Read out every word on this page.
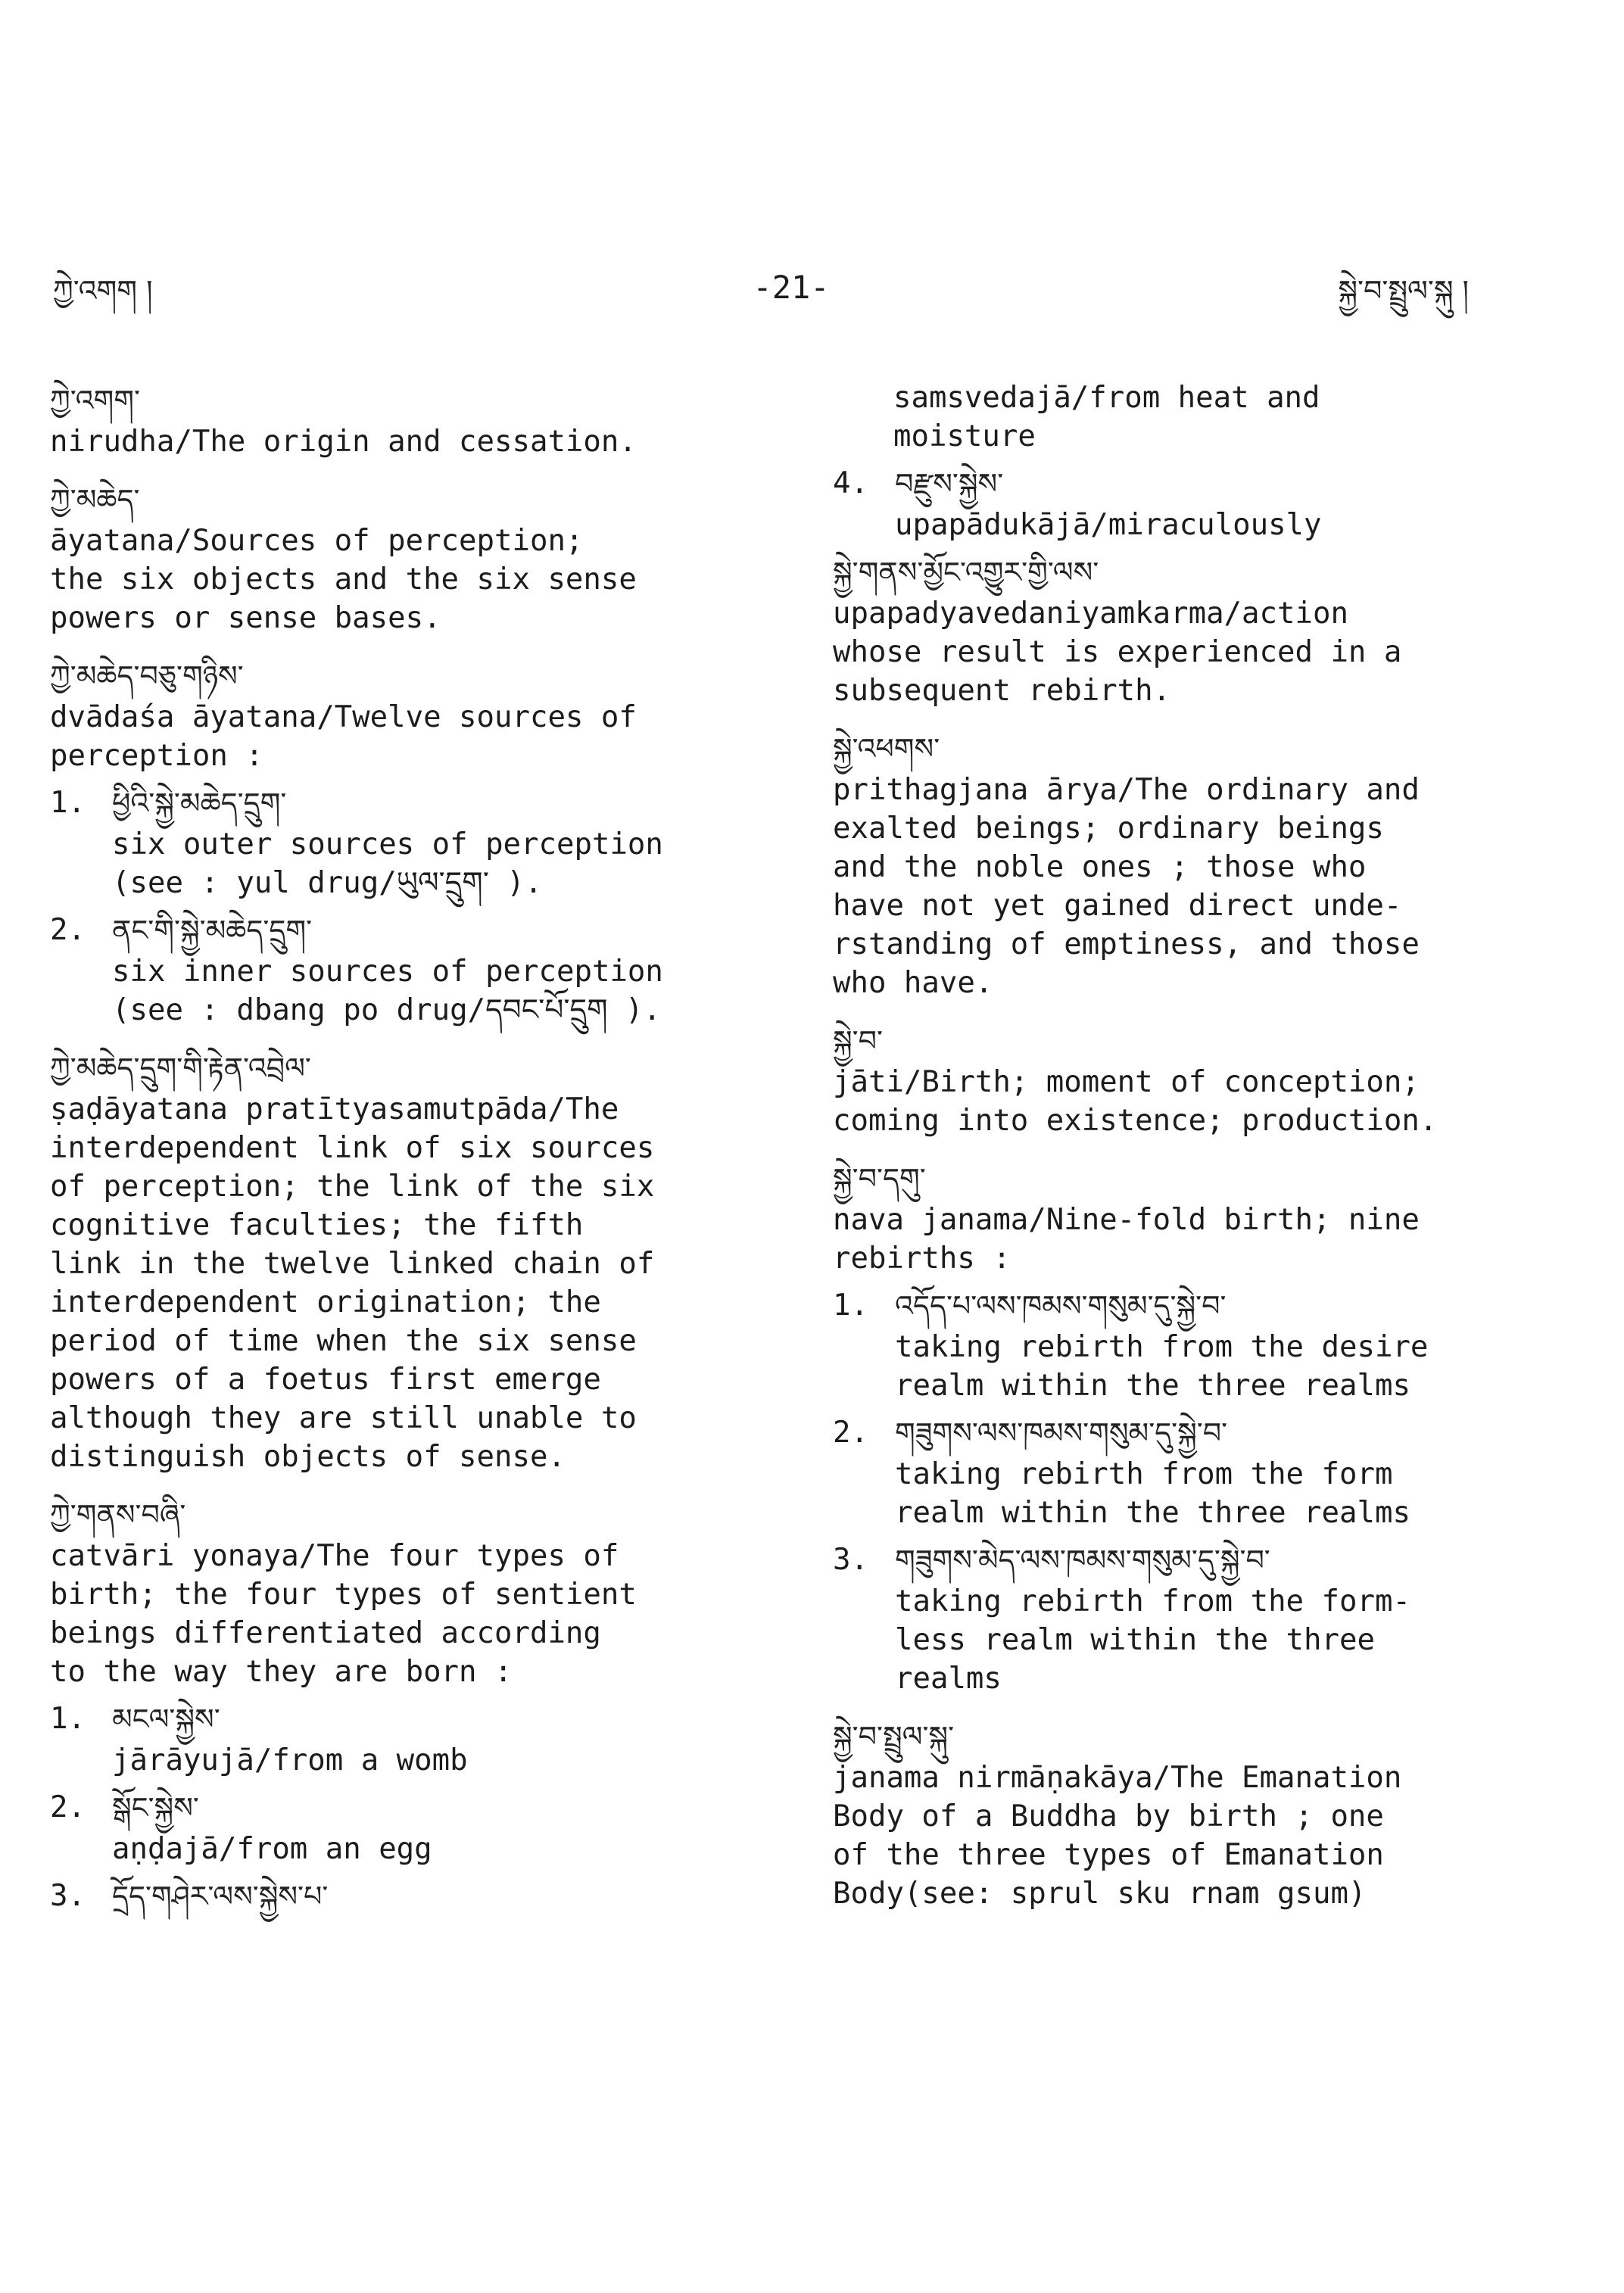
ཀྱེ་འགག །	-21-	སྐྱེ་བ་སྤྲུལ་སྐུ །
ཀྱེ་འགག་
nirudha/The origin and cessation.
ཀྱེ་མཆེད་
āyatana/Sources of perception;
the six objects and the six sense
powers or sense bases.
ཀྱེ་མཆེད་བཅུ་གཉིས་
dvādaśa āyatana/Twelve sources of
perception :
1. ཕྱིའི་སྐྱེ་མཆེད་དྲུག་
six outer sources of perception
(see : yul drug/ཡུལ་དྲུག་ ).
2. ནང་གི་སྐྱེ་མཆེད་དྲུག་
six inner sources of perception
(see : dbang po drug/དབང་པོ་དྲུག ).
ཀྱེ་མཆེད་དྲུག་གི་རྟེན་འབྲེལ་
ṣaḍāyatana pratītyasamutpāda/The
interdependent link of six sources
of perception; the link of the six
cognitive faculties; the fifth
link in the twelve linked chain of
interdependent origination; the
period of time when the six sense
powers of a foetus first emerge
although they are still unable to
distinguish objects of sense.
ཀྱེ་གནས་བཞི་
catvāri yonaya/The four types of
birth; the four types of sentient
beings differentiated according
to the way they are born :
1. མངལ་སྐྱེས་
jārāyujā/from a womb
2. སྒོང་སྐྱེས་
aṇḍajā/from an egg
3. དྲོད་གཤེར་ལས་སྐྱེས་པ་
samsvedajā/from heat and
moisture
4. བརྫུས་སྐྱེས་
upapādukājā/miraculously
སྐྱེ་གནས་མྱོང་འགྱུར་གྱི་ལས་
upapadyavedaniyamkarma/action
whose result is experienced in a
subsequent rebirth.
སྐྱེ་འཕགས་
prithagjana ārya/The ordinary and
exalted beings; ordinary beings
and the noble ones ; those who
have not yet gained direct unde-
rstanding of emptiness, and those
who have.
སྐྱེ་བ་
jāti/Birth; moment of conception;
coming into existence; production.
སྐྱེ་བ་དགུ་
nava janama/Nine-fold birth; nine
rebirths :
1. འདོད་པ་ལས་ཁམས་གསུམ་དུ་སྐྱེ་བ་
taking rebirth from the desire
realm within the three realms
2. གཟུགས་ལས་ཁམས་གསུམ་དུ་སྐྱེ་བ་
taking rebirth from the form
realm within the three realms
3. གཟུགས་མེད་ལས་ཁམས་གསུམ་དུ་སྐྱེ་བ་
taking rebirth from the form-
less realm within the three
realms
སྐྱེ་བ་སྤྲུལ་སྐུ་
janama nirmāṇakāya/The Emanation
Body of a Buddha by birth ; one
of the three types of Emanation
Body(see: sprul sku rnam gsum)
